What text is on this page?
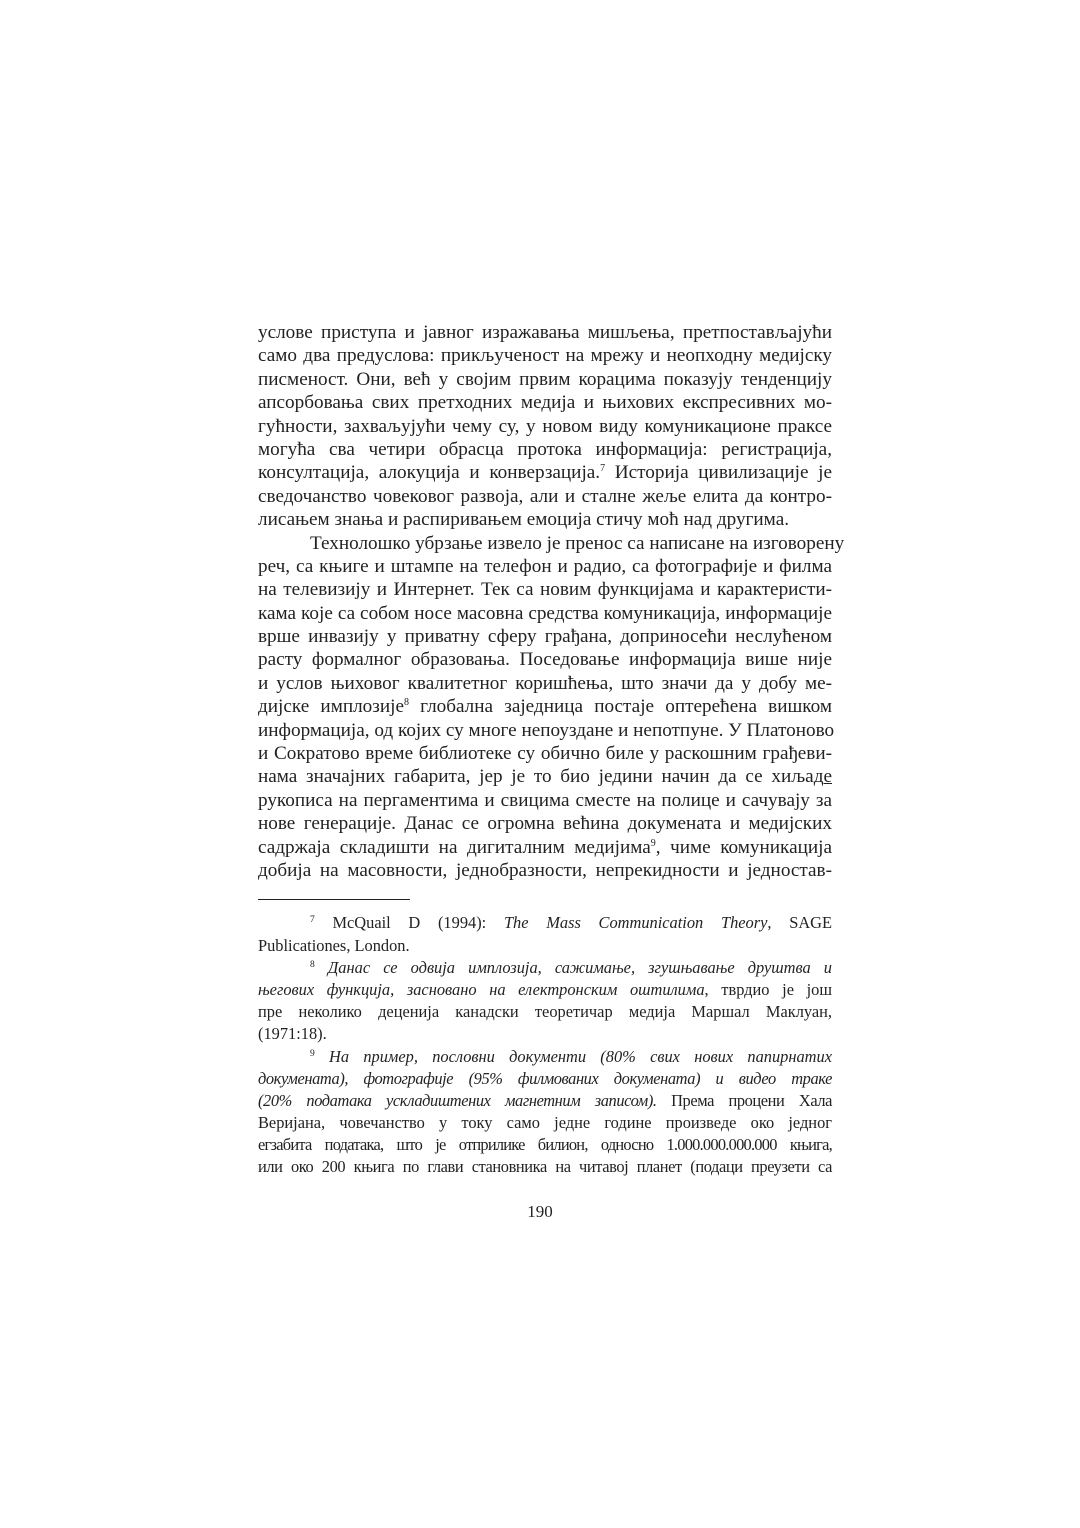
услове приступа и јавног изражавања мишљења, претпостављајући
само два предуслова: прикљученост на мрежу и неопходну медијску
писменост. Они, већ у својим првим корацима показују тенденцију
апсорбовања свих претходних медија и њихових експресивних мо-
гућности, захваљујући чему су, у новом виду комуникационе праксе
могућа сва четири обрасца протока информација: регистрација,
консултација, алокуција и конверзација.$^7$ Историја цивилизације је
сведочанство човековог развоја, али и сталне жеље елита да контро-
лисањем знања и распиривањем емоција стичу моћ над другима.
Технолошко убрзање извело је пренос са написане на изговорену
реч, са књиге и штампе на телефон и радио, са фотографије и филма
на телевизију и Интернет. Тек са новим функцијама и карактеристи-
кама које са собом носе масовна средства комуникација, информације
врше инвазију у приватну сферу грађана, доприносећи неслућеном
расту формалног образовања. Поседовање информација више није
и услов њиховог квалитетног коришћења, што значи да у добу ме-
дијске имплозије$^8$ глобална заједница постаје оптерећена вишком
информација, од којих су многе непоуздане и непотпуне. У Платоново
и Сократово време библиотеке су обично биле у раскошним грађеви-
нама значајних габарита, јер је то био једини начин да се хиљаде
рукописа на пергаментима и свицима сместе на полице и сачувају за
нове генерације. Данас се огромна већина докумената и медијских
садржаја складишти на дигиталним медијима$^9$, чиме комуникација
добија на масовности, једнобразности, непрекидности и једностав-
$^7$ McQuail D (1994): The Mass Communication Theory, SAGE
Publicationes, London.
$^8$ Данас се одвија имплозија, сажимање, згушњавање друштва и
његових функција, засновано на електронским оштилима, тврдио је још
пре неколико деценија канадски теоретичар медија Маршал Маклуан,
(1971:18).
$^9$ На пример, пословни документи (80% свих нових папирнатих
докумената), фотографије (95% филмованих докумената) и видео траке
(20% података ускладиштених магнетним записом). Према процени Хала
Веријана, човечанство у току само једне године произведе око једног
егзабита података, што је отприлике билион, односно 1.000.000.000.000 књига,
или око 200 књига по глави становника на читавој планет (подаци преузети са
190
